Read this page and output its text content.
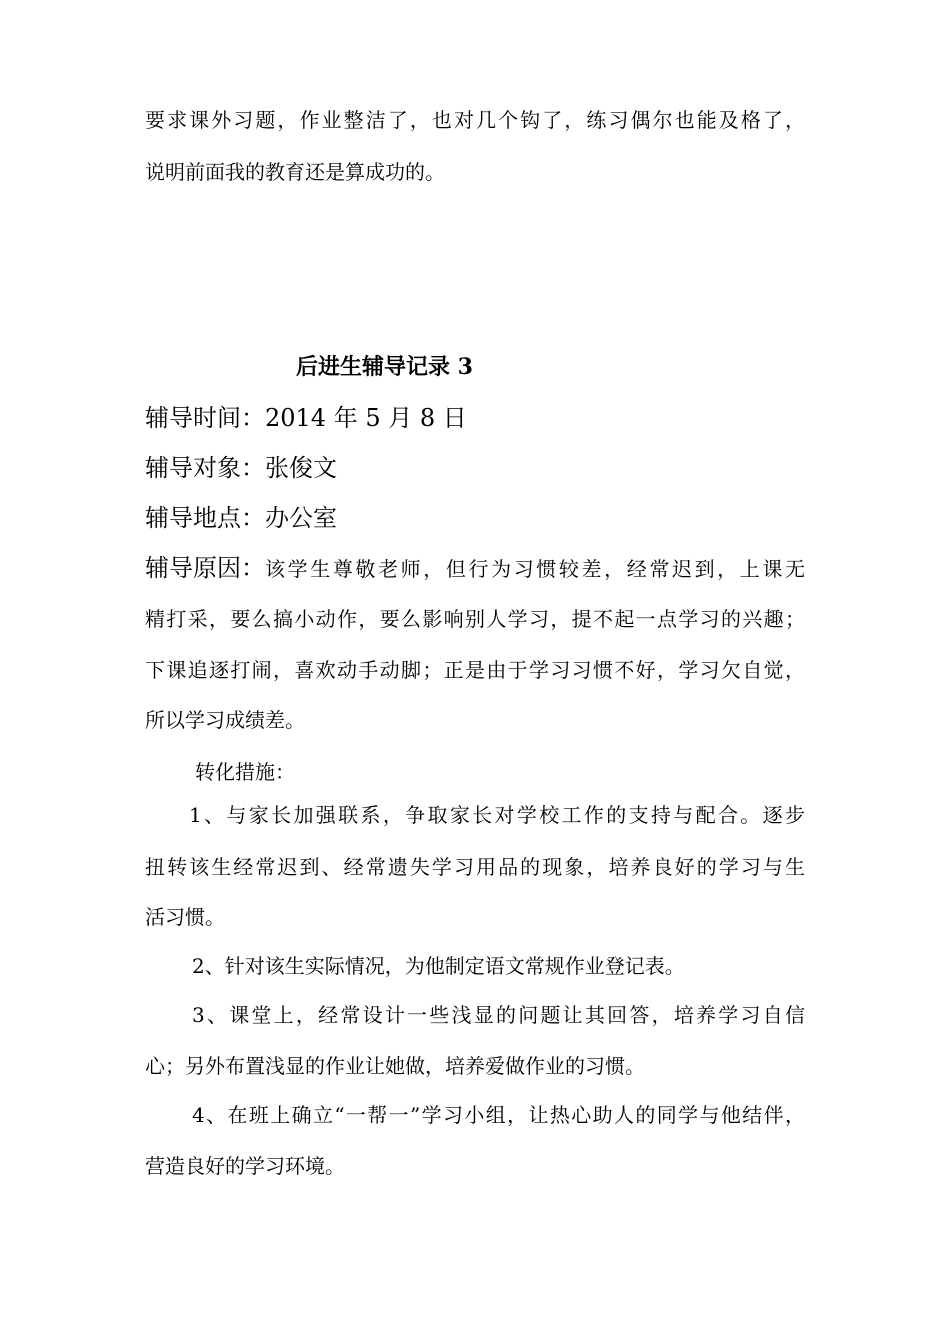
要求课外习题，作业整洁了，也对几个钩了，练习偶尔也能及格了，
说明前面我的教育还是算成功的。
后进生辅导记录 3
辅导时间：2014 年 5 月 8 日
辅导对象：张俊文
辅导地点：办公室
辅导原因： 该学生尊敬老师，但行为习惯较差，经常迟到，上课无
精打采，要么搞小动作，要么影响别人学习，提不起一点学习的兴趣；
下课追逐打闹，喜欢动手动脚；正是由于学习习惯不好，学习欠自觉，
所以学习成绩差。
转化措施：
1、与家长加强联系，争取家长对学校工作的支持与配合。逐步
扭转该生经常迟到、经常遗失学习用品的现象，培养良好的学习与生
活习惯。
2、针对该生实际情况，为他制定语文常规作业登记表。
3、课堂上，经常设计一些浅显的问题让其回答，培养学习自信
心；另外布置浅显的作业让她做，培养爱做作业的习惯。
4、在班上确立“一帮一”学习小组，让热心助人的同学与他结伴，
营造良好的学习环境。
